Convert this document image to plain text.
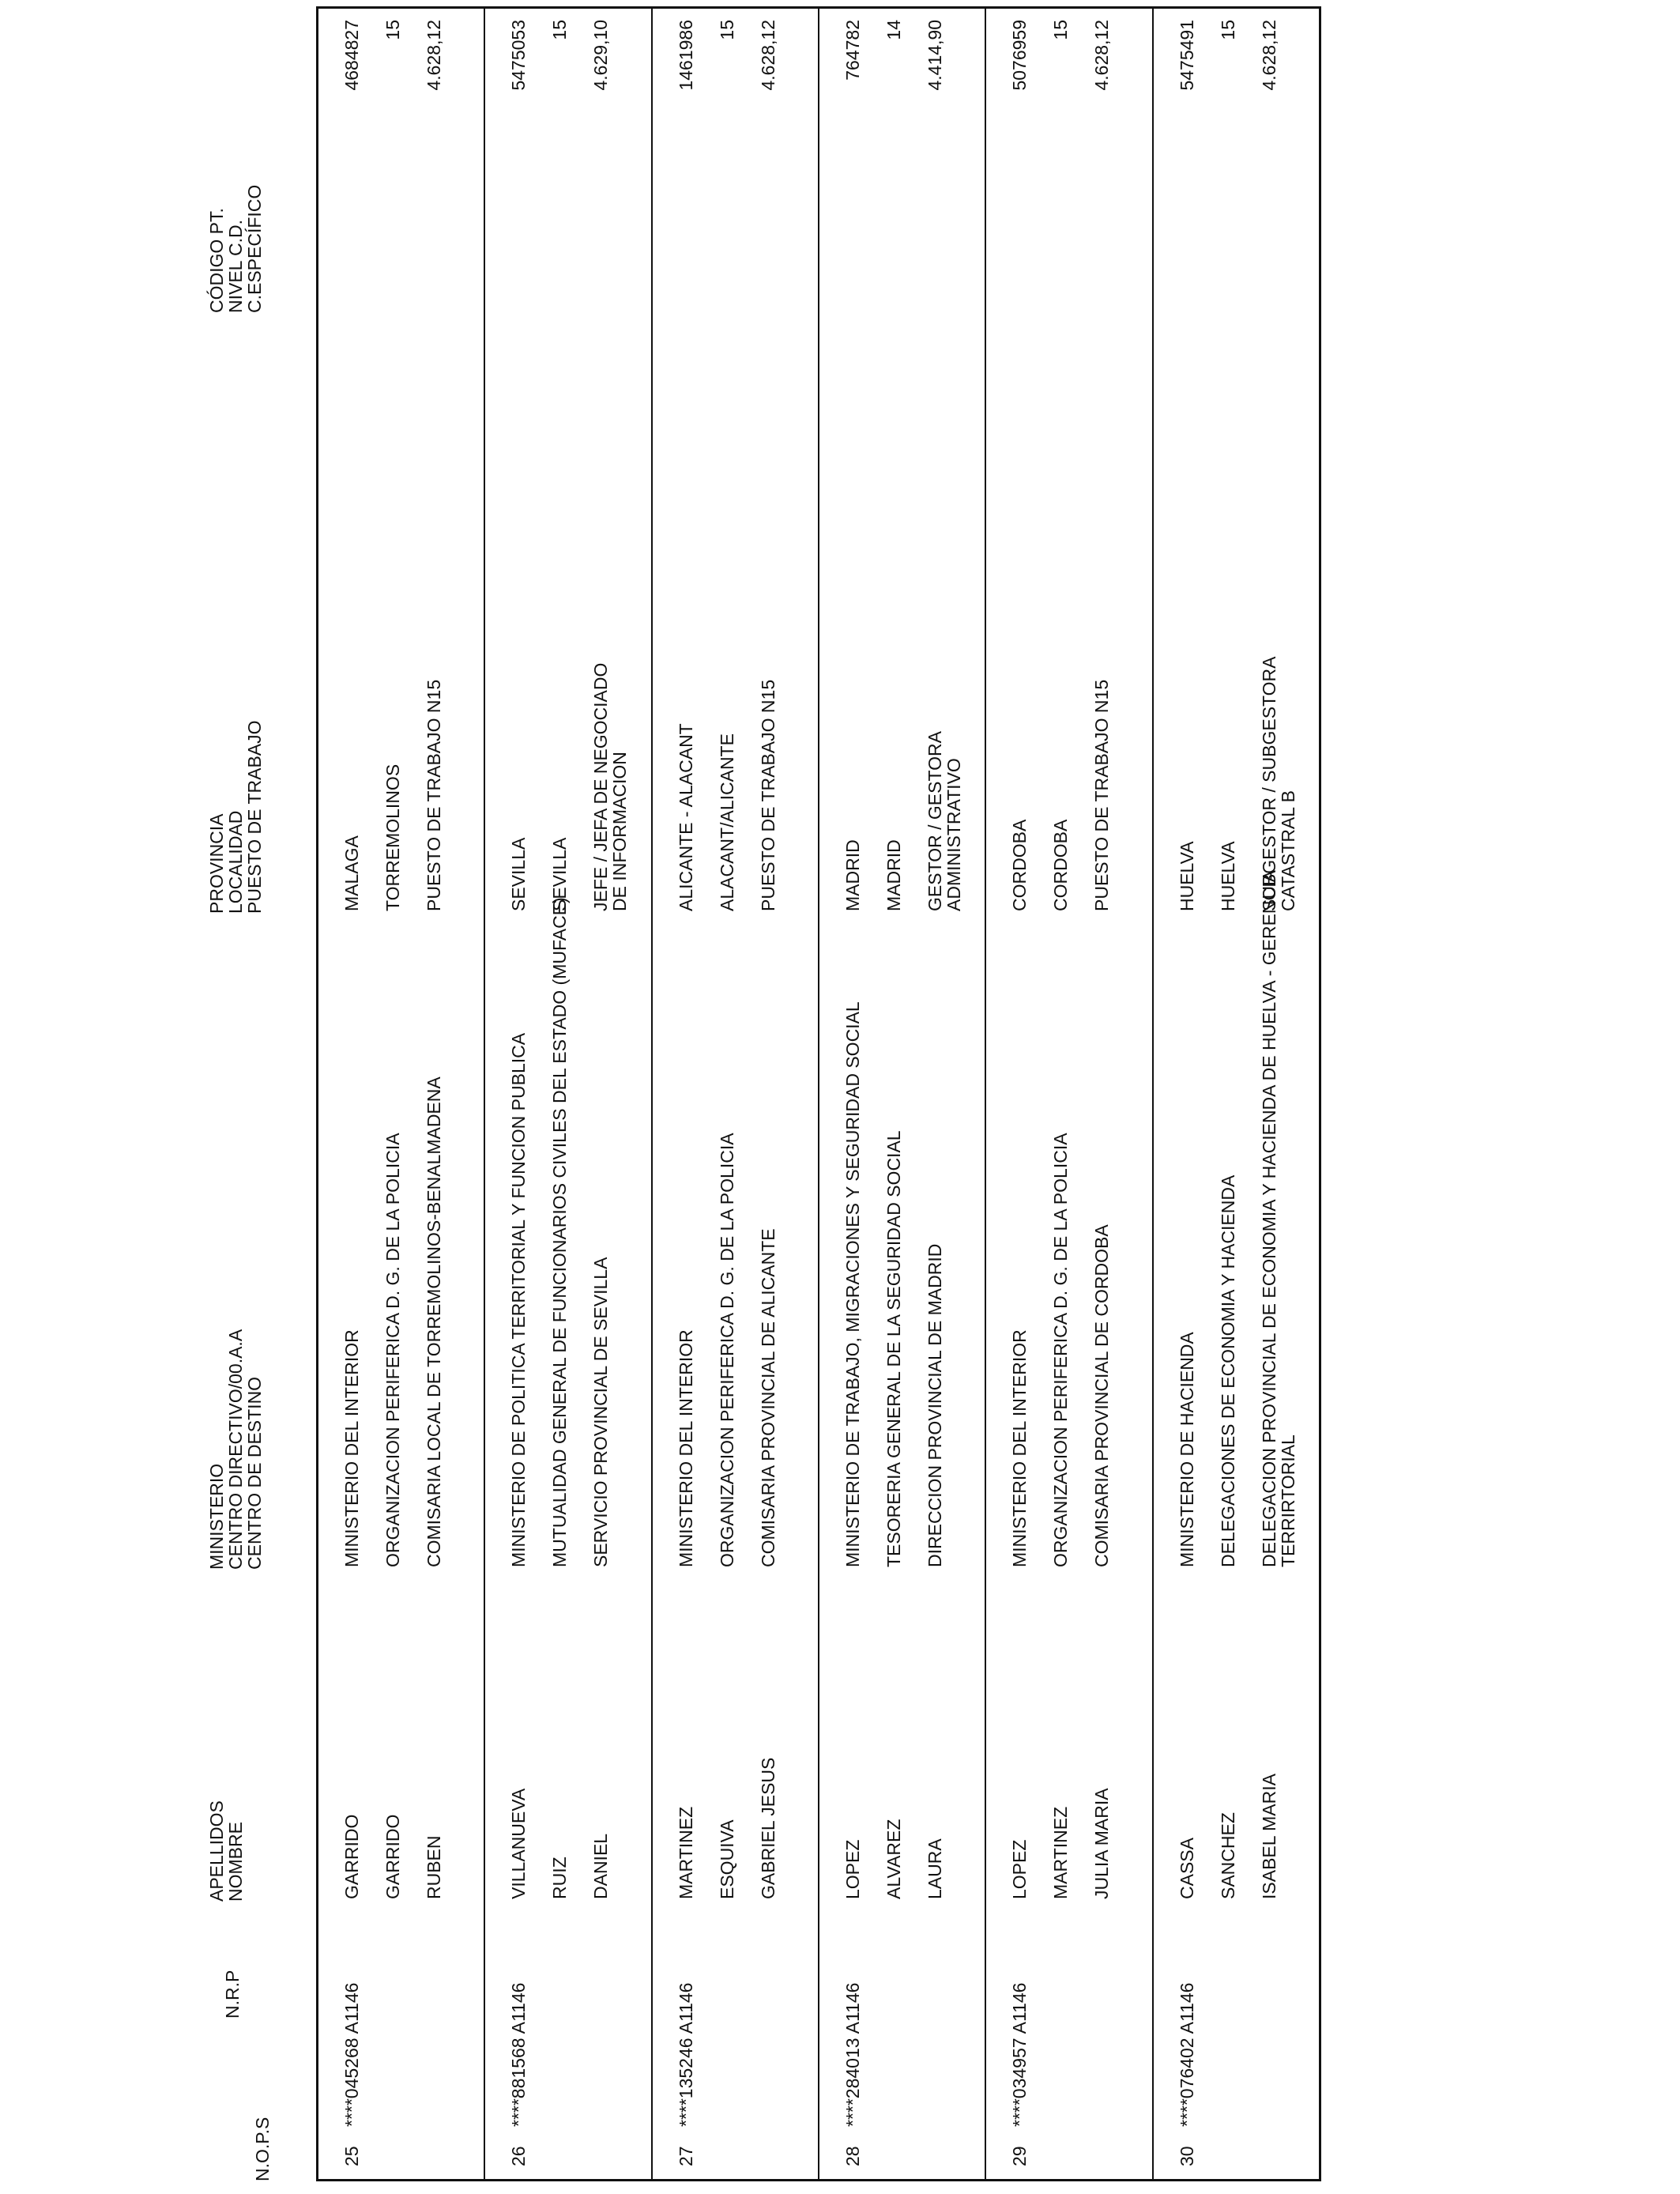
N.O.P.S
N.R.P
APELLIDOS
NOMBRE
MINISTERIO
CENTRO DIRECTIVO/00.A.A
CENTRO DE DESTINO
PROVINCIA
LOCALIDAD
PUESTO DE TRABAJO
CÓDIGO PT.
NIVEL C.D.
C.ESPECÍFICO
25
****045268 A1146
GARRIDO GARRIDO RUBEN
MINISTERIO DEL INTERIOR ORGANIZACION PERIFERICA D. G. DE LA POLICIA COMISARIA LOCAL DE TORREMOLINOS-BENALMADENA
MALAGA TORREMOLINOS PUESTO DE TRABAJO N15
4684827 15 4.628,12
26
****881568 A1146
VILLANUEVA RUIZ DANIEL
MINISTERIO DE POLITICA TERRITORIAL Y FUNCION PUBLICA MUTUALIDAD GENERAL DE FUNCIONARIOS CIVILES DEL ESTADO (MUFACE) SERVICIO PROVINCIAL DE SEVILLA
SEVILLA SEVILLA JEFE / JEFA DE NEGOCIADO DE INFORMACION
5475053 15 4.629,10
27
****135246 A1146
MARTINEZ ESQUIVA GABRIEL JESUS
MINISTERIO DEL INTERIOR ORGANIZACION PERIFERICA D. G. DE LA POLICIA COMISARIA PROVINCIAL DE ALICANTE
ALICANTE - ALACANT ALACANT/ALICANTE PUESTO DE TRABAJO N15
1461986 15 4.628,12
28
****284013 A1146
LOPEZ ALVAREZ LAURA
MINISTERIO DE TRABAJO, MIGRACIONES Y SEGURIDAD SOCIAL TESORERIA GENERAL DE LA SEGURIDAD SOCIAL DIRECCION PROVINCIAL DE MADRID
MADRID MADRID GESTOR / GESTORA ADMINISTRATIVO
764782 14 4.414,90
29
****034957 A1146
LOPEZ MARTINEZ JULIA MARIA
MINISTERIO DEL INTERIOR ORGANIZACION PERIFERICA D. G. DE LA POLICIA COMISARIA PROVINCIAL DE CORDOBA
CORDOBA CORDOBA PUESTO DE TRABAJO N15
5076959 15 4.628,12
30
****076402 A1146
CASSA SANCHEZ ISABEL MARIA
MINISTERIO DE HACIENDA DELEGACIONES DE ECONOMIA Y HACIENDA DELEGACION PROVINCIAL DE ECONOMIA Y HACIENDA DE HUELVA - GERENCIA TERRIRTORIAL
HUELVA HUELVA SUBGESTOR / SUBGESTORA CATASTRAL B
5475491 15 4.628,12
